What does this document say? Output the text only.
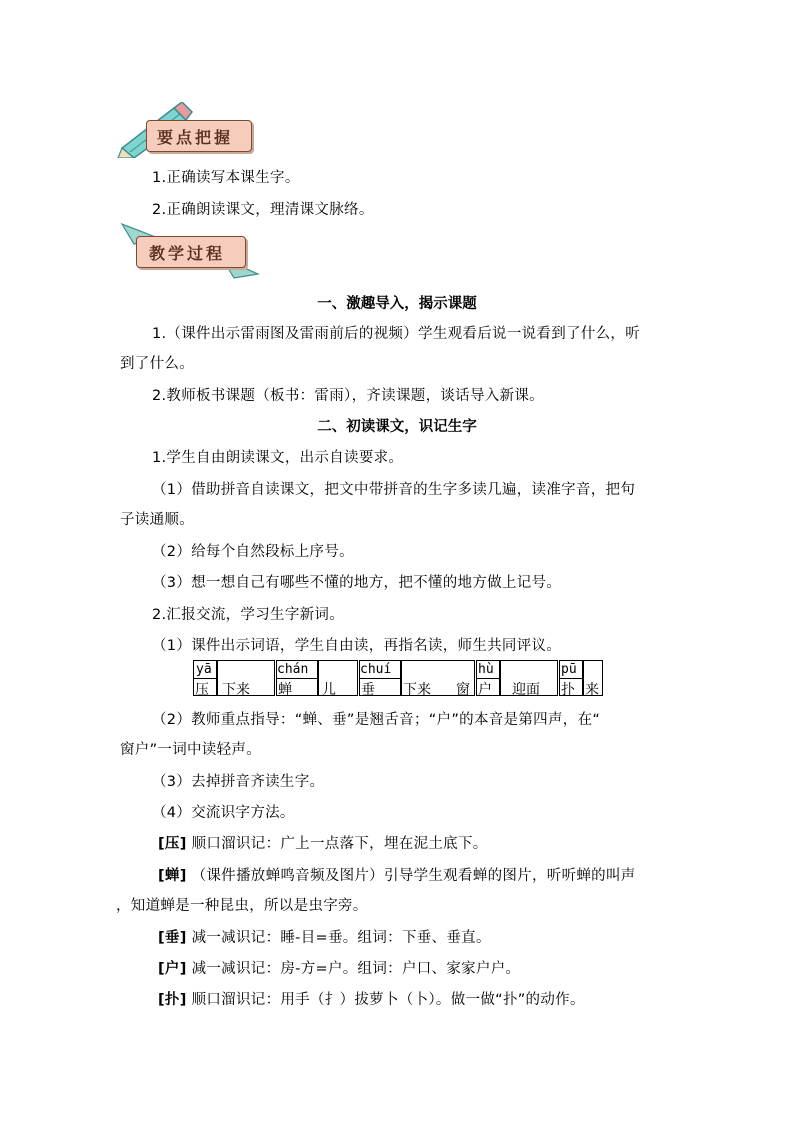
要点把握
1.正确读写本课生字。
2.正确朗读课文，理清课文脉络。
教学过程
一、激趣导入，揭示课题
1.（课件出示雷雨图及雷雨前后的视频）学生观看后说一说看到了什么，听
到了什么。
2.教师板书课题（板书：雷雨），齐读课题，谈话导入新课。
二、初读课文，识记生字
1.学生自由朗读课文，出示自读要求。
（1）借助拼音自读课文，把文中带拼音的生字多读几遍，读准字音，把句
子读通顺。
（2）给每个自然段标上序号。
（3）想一想自己有哪些不懂的地方，把不懂的地方做上记号。
2.汇报交流，学习生字新词。
（1）课件出示词语，学生自由读，再指名读，师生共同评议。
yā
压 下来
chán
蝉 儿
chuí
垂 下来 窗
hù
户 迎面
pū
扑 来
（2）教师重点指导：“蝉、垂”是翘舌音；“户”的本音是第四声，在“
窗户”一词中读轻声。
（3）去掉拼音齐读生字。
（4）交流识字方法。
[压] 顺口溜识记：广上一点落下，埋在泥土底下。
[蝉] （课件播放蝉鸣音频及图片）引导学生观看蝉的图片，听听蝉的叫声
，知道蝉是一种昆虫，所以是虫字旁。
[垂] 减一减识记：睡-目=垂。组词：下垂、垂直。
[户] 减一减识记：房-方=户。组词：户口、家家户户。
[扑] 顺口溜识记：用手（扌）拔萝卜（卜）。做一做“扑”的动作。
